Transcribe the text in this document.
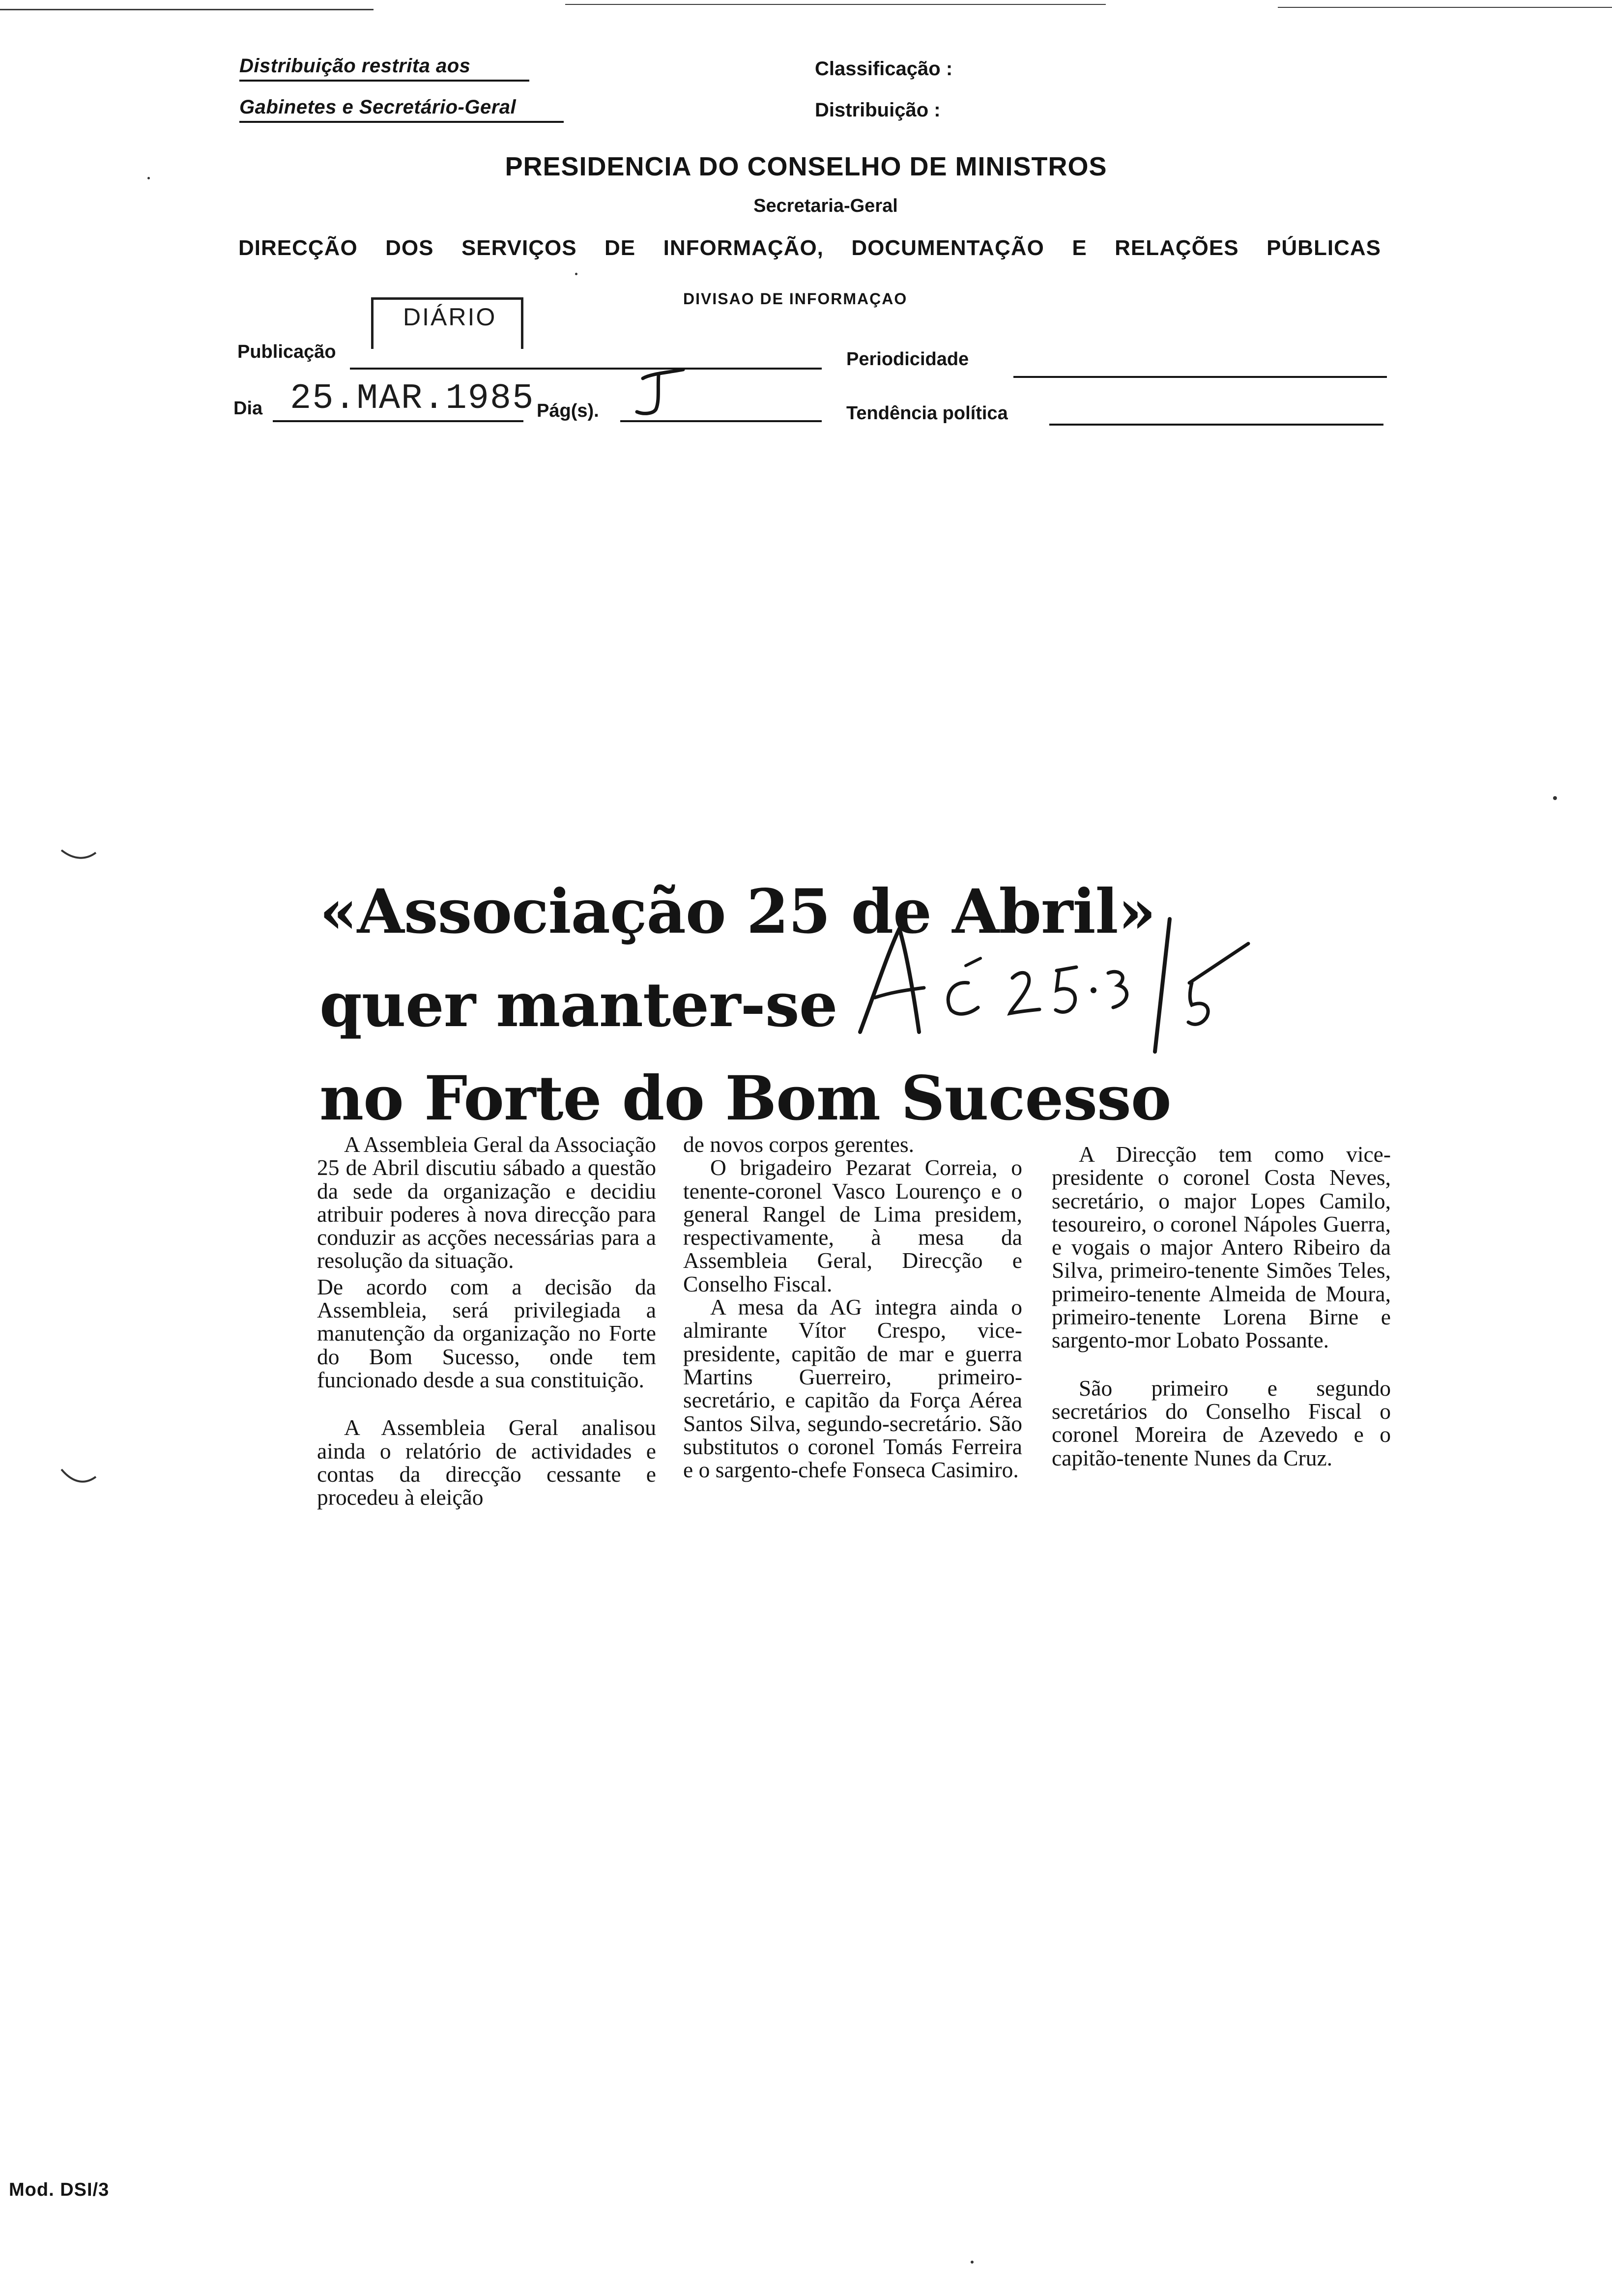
Distribuição restrita aos
Gabinetes e Secretário-Geral
Classificação :
Distribuição :
PRESIDENCIA DO CONSELHO DE MINISTROS
Secretaria-Geral
DIRECÇÃO DOS SERVIÇOS DE INFORMAÇÃO, DOCUMENTAÇÃO E RELAÇÕES PÚBLICAS
DIVISAO DE INFORMAÇAO
DIÁRIO
Publicação	Periodicidade
Dia 25.MAR.1985 Pág(s).	Tendência política
«Associação 25 de Abril»
quer manter-se
no Forte do Bom Sucesso

A Assembleia Geral da Associação 25 de Abril discutiu sábado a questão da sede da organização e decidiu atribuir poderes à nova direcção para conduzir as acções necessárias para a resolução da situação.

De acordo com a decisão da Assembleia, será privilegiada a manutenção da organização no Forte do Bom Sucesso, onde tem funcionado desde a sua constituição.

A Assembleia Geral analisou ainda o relatório de actividades e contas da direcção cessante e procedeu à eleição

de novos corpos gerentes.

O brigadeiro Pezarat Correia, o tenente-coronel Vasco Lourenço e o general Rangel de Lima presidem, respectivamente, à mesa da Assembleia Geral, Direcção e Conselho Fiscal.

A mesa da AG integra ainda o almirante Vítor Crespo, vice-presidente, capitão de mar e guerra Martins Guerreiro, primeiro-secretário, e capitão da Força Aérea Santos Silva, segundo-secretário. São substitutos o coronel Tomás Ferreira e o sargento-chefe Fonseca Casimiro.

A Direcção tem como vice-presidente o coronel Costa Neves, secretário, o major Lopes Camilo, tesoureiro, o coronel Nápoles Guerra, e vogais o major Antero Ribeiro da Silva, primeiro-tenente Simões Teles, primeiro-tenente Almeida de Moura, primeiro-tenente Lorena Birne e sargento-mor Lobato Possante.

São primeiro e segundo secretários do Conselho Fiscal o coronel Moreira de Azevedo e o capitão-tenente Nunes da Cruz.

Mod. DSI/3
